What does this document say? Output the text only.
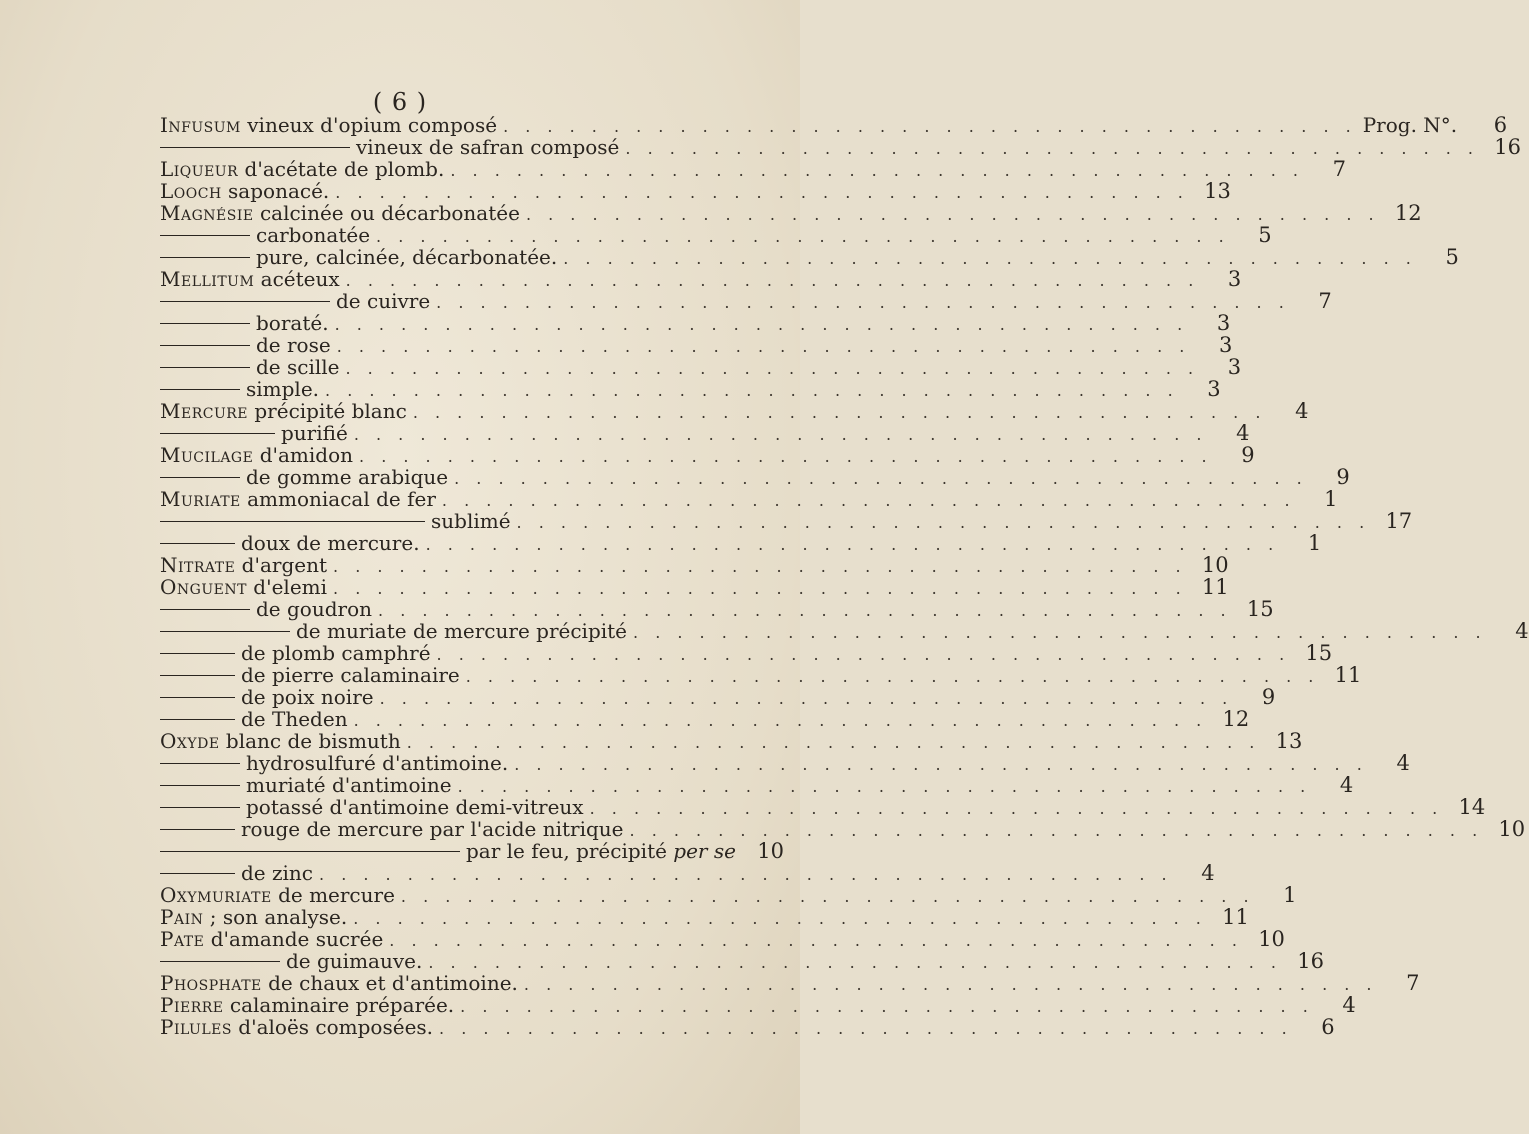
( 6 )
Infusum vineux d'opium composé . . . . . . . . . . . . . . . . . . . . . . . . . . . . . . . . . . . . . . . Prog. N°.	6
vineux de safran composé . . . . . . . . . . . . . . . . . . . . . . . . . . . . . . . . . . . . . . . 16
Liqueur d'acétate de plomb. . . . . . . . . . . . . . . . . . . . . . . . . . . . . . . . . . . . . . . .	7
Looch saponacé. . . . . . . . . . . . . . . . . . . . . . . . . . . . . . . . . . . . . . . . 13
Magnésie calcinée ou décarbonatée . . . . . . . . . . . . . . . . . . . . . . . . . . . . . . . . . . . . . . . 12
carbonatée . . . . . . . . . . . . . . . . . . . . . . . . . . . . . . . . . . . . . . .	5
pure, calcinée, décarbonatée. . . . . . . . . . . . . . . . . . . . . . . . . . . . . . . . . . . . . . . .	5
Mellitum acéteux . . . . . . . . . . . . . . . . . . . . . . . . . . . . . . . . . . . . . . .	3
de cuivre . . . . . . . . . . . . . . . . . . . . . . . . . . . . . . . . . . . . . . .	7
boraté. . . . . . . . . . . . . . . . . . . . . . . . . . . . . . . . . . . . . . . .	3
de rose . . . . . . . . . . . . . . . . . . . . . . . . . . . . . . . . . . . . . . .	3
de scille . . . . . . . . . . . . . . . . . . . . . . . . . . . . . . . . . . . . . . .	3
simple. . . . . . . . . . . . . . . . . . . . . . . . . . . . . . . . . . . . . . . .	3
Mercure précipité blanc . . . . . . . . . . . . . . . . . . . . . . . . . . . . . . . . . . . . . . .	4
purifié . . . . . . . . . . . . . . . . . . . . . . . . . . . . . . . . . . . . . . .	4
Mucilage d'amidon . . . . . . . . . . . . . . . . . . . . . . . . . . . . . . . . . . . . . . .	9
de gomme arabique . . . . . . . . . . . . . . . . . . . . . . . . . . . . . . . . . . . . . . .	9
Muriate ammoniacal de fer . . . . . . . . . . . . . . . . . . . . . . . . . . . . . . . . . . . . . . .	1
sublimé . . . . . . . . . . . . . . . . . . . . . . . . . . . . . . . . . . . . . . . 17
doux de mercure. . . . . . . . . . . . . . . . . . . . . . . . . . . . . . . . . . . . . . . .	1
Nitrate d'argent . . . . . . . . . . . . . . . . . . . . . . . . . . . . . . . . . . . . . . . 10
Onguent d'elemi . . . . . . . . . . . . . . . . . . . . . . . . . . . . . . . . . . . . . . . 11
de goudron . . . . . . . . . . . . . . . . . . . . . . . . . . . . . . . . . . . . . . . 15
de muriate de mercure précipité . . . . . . . . . . . . . . . . . . . . . . . . . . . . . . . . . . . . . . .	4
de plomb camphré . . . . . . . . . . . . . . . . . . . . . . . . . . . . . . . . . . . . . . . 15
de pierre calaminaire . . . . . . . . . . . . . . . . . . . . . . . . . . . . . . . . . . . . . . . 11
de poix noire . . . . . . . . . . . . . . . . . . . . . . . . . . . . . . . . . . . . . . .	9
de Theden . . . . . . . . . . . . . . . . . . . . . . . . . . . . . . . . . . . . . . . 12
Oxyde blanc de bismuth . . . . . . . . . . . . . . . . . . . . . . . . . . . . . . . . . . . . . . . 13
hydrosulfuré d'antimoine. . . . . . . . . . . . . . . . . . . . . . . . . . . . . . . . . . . . . . . .	4
muriaté d'antimoine . . . . . . . . . . . . . . . . . . . . . . . . . . . . . . . . . . . . . . .	4
potassé d'antimoine demi-vitreux . . . . . . . . . . . . . . . . . . . . . . . . . . . . . . . . . . . . . . . 14
rouge de mercure par l'acide nitrique . . . . . . . . . . . . . . . . . . . . . . . . . . . . . . . . . . . . . . . 10
par le feu, précipité per se	10
de zinc . . . . . . . . . . . . . . . . . . . . . . . . . . . . . . . . . . . . . . .	4
Oxymuriate de mercure . . . . . . . . . . . . . . . . . . . . . . . . . . . . . . . . . . . . . . .	1
Pain ; son analyse. . . . . . . . . . . . . . . . . . . . . . . . . . . . . . . . . . . . . . . . 11
Pate d'amande sucrée . . . . . . . . . . . . . . . . . . . . . . . . . . . . . . . . . . . . . . . 10
de guimauve. . . . . . . . . . . . . . . . . . . . . . . . . . . . . . . . . . . . . . . . 16
Phosphate de chaux et d'antimoine. . . . . . . . . . . . . . . . . . . . . . . . . . . . . . . . . . . . . . . .	7
Pierre calaminaire préparée. . . . . . . . . . . . . . . . . . . . . . . . . . . . . . . . . . . . . . . .	4
Pilules d'aloës composées. . . . . . . . . . . . . . . . . . . . . . . . . . . . . . . . . . . . . . . .	6
